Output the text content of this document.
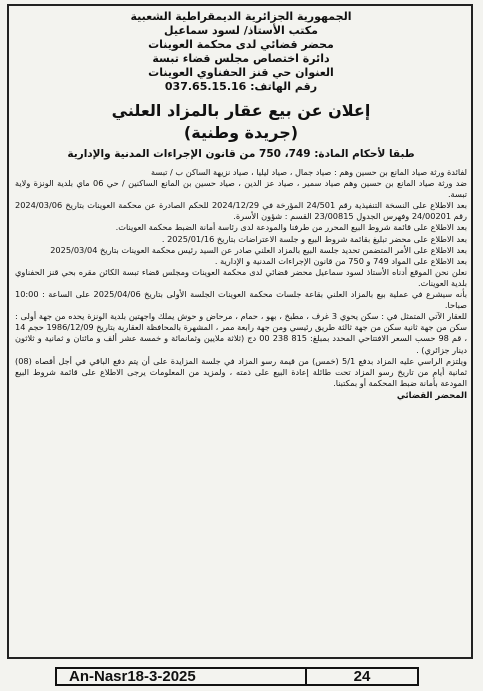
الجمهورية الجزائرية الديمقراطية الشعبية
مكتب الأستاذ/ لسود سماعيل
محضر قضائي لدى محكمة العوينات
دائرة اختصاص مجلس قضاء تبسة
العنوان حي قنز الحفناوي العوينات
رقم الهاتف: 037.65.15.16
إعلان عن بيع عقار بالمزاد العلني
(جريدة وطنية)
طبقا لأحكام المادة: 749، 750 من قانون الإجراءات المدنية والإدارية

لفائدة ورثة صياد المانع بن حسين وهم : صياد جمال ، صياد ليليا ، صياد نزيهة الساكن ب / تبسة

ضد ورثة صياد المانع بن حسين وهم صياد سمير ، صياد عز الدين ، صياد حسين بن المانع الساكنين / حي 06 ماي بلدية الونزة ولاية تبسة.

بعد الاطلاع على النسخة التنفيذية رقم 24/501 المؤرخة في 2024/12/29 للحكم الصادرة عن محكمة العوينات بتاريخ 2024/03/06 رقم 24/00201 وفهرس الجدول 23/00815 القسم : شؤون الأسرة.

بعد الاطلاع على قائمة شروط البيع المحرر من طرفنا والمودعة لدى رئاسة أمانة الضبط محكمة العوينات.

بعد الاطلاع على محضر تبليغ بقائمة شروط البيع و جلسة الاعتراضات بتاريخ 2025/01/16 .

بعد الاطلاع على الأمر المتضمن تحديد جلسة البيع بالمزاد العلني صادر عن السيد رئيس محكمة العوينات بتاريخ 2025/03/04

بعد الاطلاع على المواد 749 و 750 من قانون الإجراءات المدنية و الإدارية .

نعلن نحن الموقع أدناه الأستاذ لسود سماعيل محضر قضائي لدى محكمة العوينات ومجلس قضاء تبسة الكائن مقره بحي قنز الحفناوي بلدية العوينات.

بأنه سيشرع في عملية بيع بالمزاد العلني بقاعة جلسات محكمة العوينات الجلسة الأولى بتاريخ 2025/04/06 على الساعة : 10:00 صباحا.

للعقار الآتي المتمثل في : سكن يحوي 3 غرف ، مطبخ ، بهو ، حمام ، مرحاض و حوش يملك واجهتين بلدية الونزة يحده من جهة أولى : سكن من جهة ثانية سكن من جهة ثالثة طريق رئيسي ومن جهة رابعة ممر ، المشهرة بالمحافظة العقارية بتاريخ 1986/12/09 حجم 14 ، قم 98 حسب السعر الافتتاحي المحدد بمبلغ: 815 238 00 دج (ثلاثة ملايين وثمانمائة و خمسة عشر ألف و مائتان و ثمانية و ثلاثون دينار جزائري) .

ويلتزم الراسي عليه المزاد بدفع 5/1 (خمس) من قيمة رسو المزاد في جلسة المزايدة على أن يتم دفع الباقي في أجل أقصاه (08) ثمانية أيام من تاريخ رسو المزاد تحت طائلة إعادة البيع على ذمته ، ولمزيد من المعلومات يرجى الاطلاع على قائمة شروط البيع المودعة بأمانة ضبط المحكمة أو بمكتبنا.

المحضر القضائي
An-Nasr18-3-2025	24
